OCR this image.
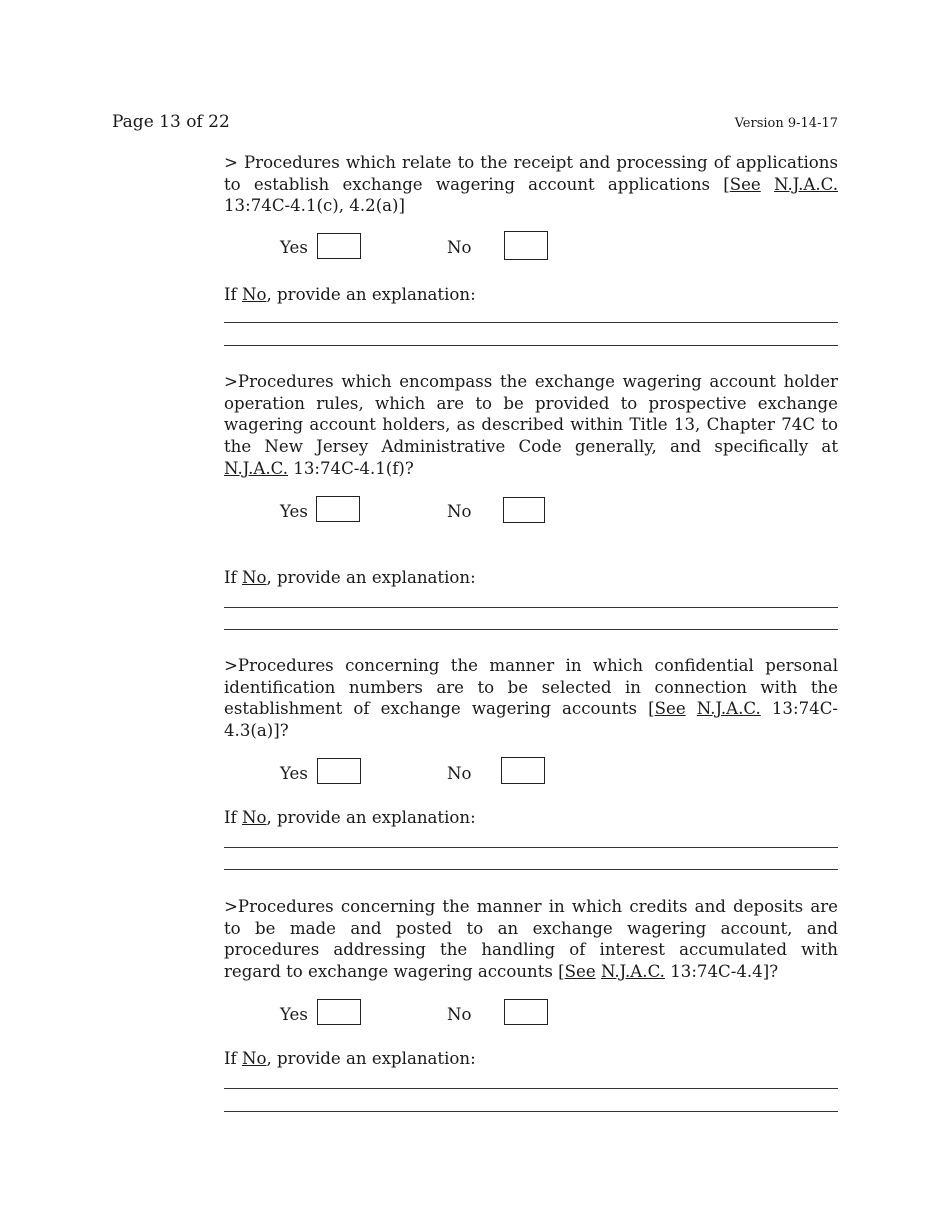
Page 13 of 22	Version 9-14-17

> Procedures which relate to the receipt and processing of applications to establish exchange wagering account applications [See N.J.A.C. 13:74C-4.1(c), 4.2(a)]

Yes	No
If No, provide an explanation:

>Procedures which encompass the exchange wagering account holder operation rules, which are to be provided to prospective exchange wagering account holders, as described within Title 13, Chapter 74C to the New Jersey Administrative Code generally, and specifically at N.J.A.C. 13:74C-4.1(f)?

Yes	No
If No, provide an explanation:

>Procedures concerning the manner in which confidential personal identification numbers are to be selected in connection with the establishment of exchange wagering accounts [See N.J.A.C. 13:74C-4.3(a)]?

Yes	No
If No, provide an explanation:

>Procedures concerning the manner in which credits and deposits are to be made and posted to an exchange wagering account, and procedures addressing the handling of interest accumulated with regard to exchange wagering accounts [See N.J.A.C. 13:74C-4.4]?

Yes	No
If No, provide an explanation:
